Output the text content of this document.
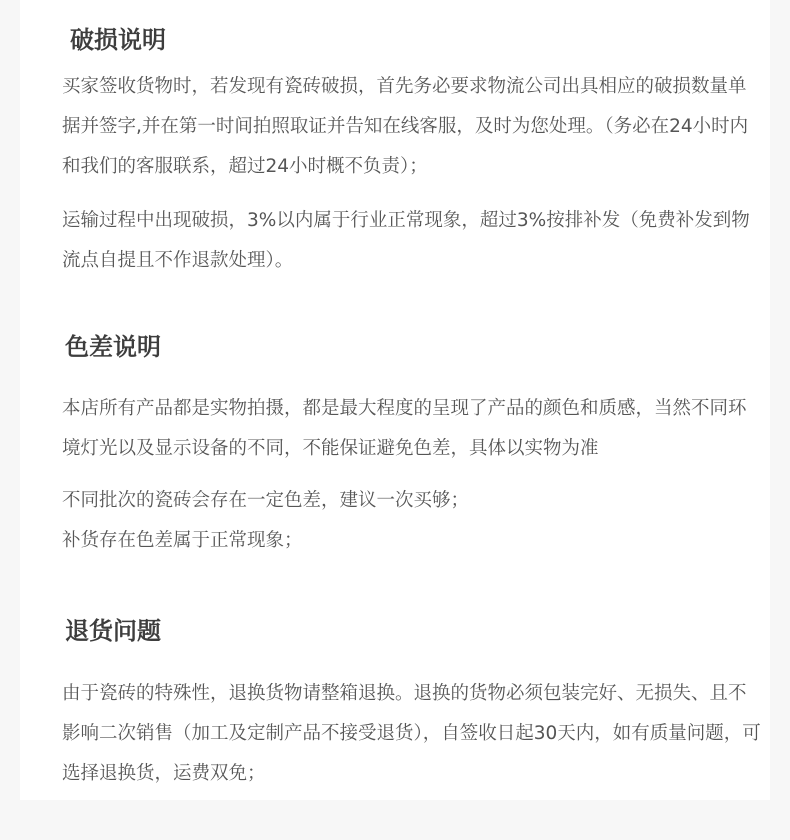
破损说明

买家签收货物时，若发现有瓷砖破损，首先务必要求物流公司出具相应的破损数量单据并签字,并在第一时间拍照取证并告知在线客服，及时为您处理。（务必在24小时内和我们的客服联系，超过24小时概不负责）；

运输过程中出现破损，3%以内属于行业正常现象，超过3%按排补发（免费补发到物流点自提且不作退款处理）。

色差说明

本店所有产品都是实物拍摄，都是最大程度的呈现了产品的颜色和质感，当然不同环境灯光以及显示设备的不同，不能保证避免色差，具体以实物为准

不同批次的瓷砖会存在一定色差，建议一次买够；

补货存在色差属于正常现象；

退货问题

由于瓷砖的特殊性，退换货物请整箱退换。退换的货物必须包装完好、无损失、且不影响二次销售（加工及定制产品不接受退货），自签收日起30天内，如有质量问题，可选择退换货，运费双免；
